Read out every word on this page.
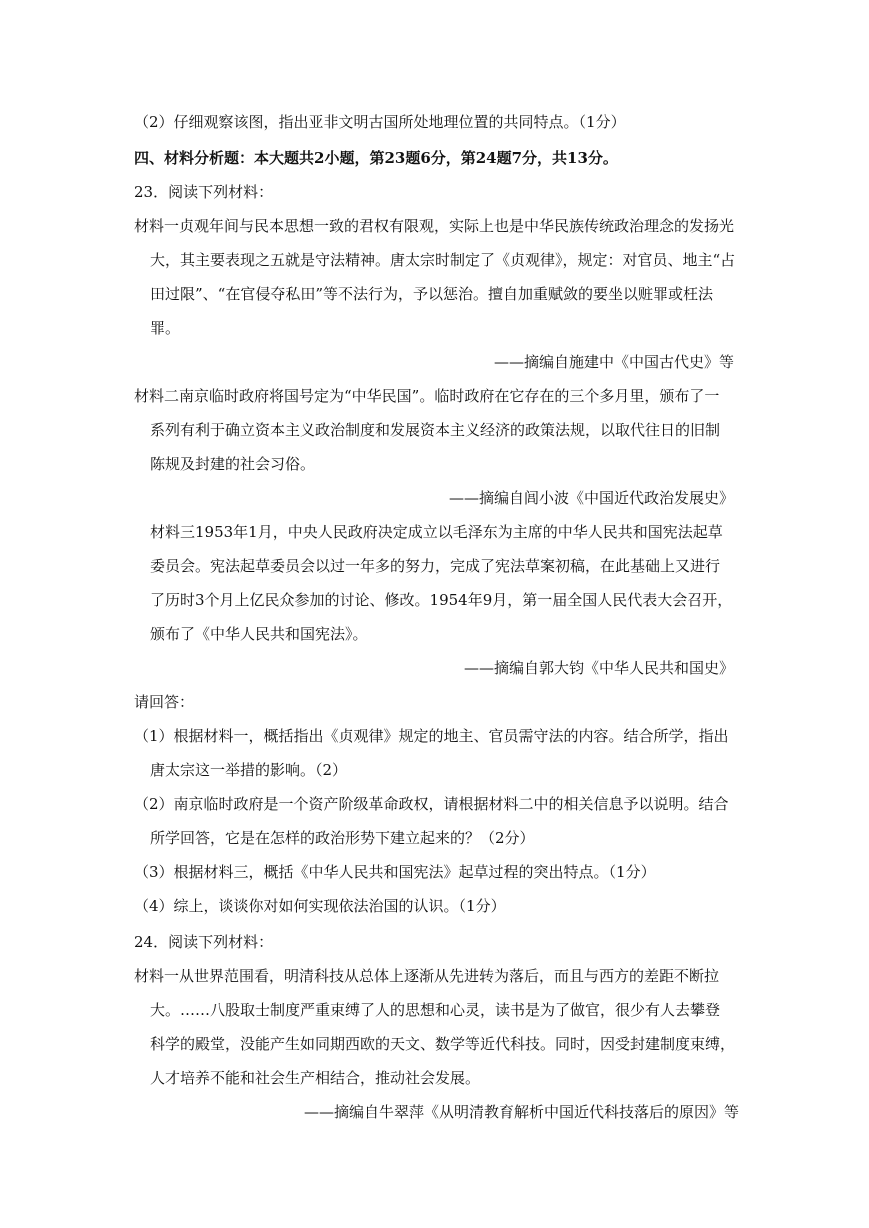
（2）仔细观察该图，指出亚非文明古国所处地理位置的共同特点。（1分）
四、材料分析题：本大题共2小题，第23题6分，第24题7分，共13分。
23．阅读下列材料：
材料一贞观年间与民本思想一致的君权有限观，实际上也是中华民族传统政治理念的发扬光
大，其主要表现之五就是守法精神。唐太宗时制定了《贞观律》，规定：对官员、地主“占
田过限”、“在官侵夺私田”等不法行为，予以惩治。擅自加重赋敛的要坐以赃罪或枉法
罪。
——摘编自施建中《中国古代史》等
材料二南京临时政府将国号定为“中华民国”。临时政府在它存在的三个多月里，颁布了一
系列有利于确立资本主义政治制度和发展资本主义经济的政策法规，以取代往日的旧制
陈规及封建的社会习俗。
——摘编自闾小波《中国近代政治发展史》
材料三1953年1月，中央人民政府决定成立以毛泽东为主席的中华人民共和国宪法起草
委员会。宪法起草委员会以过一年多的努力，完成了宪法草案初稿，在此基础上又进行
了历时3个月上亿民众参加的讨论、修改。1954年9月，第一届全国人民代表大会召开，
颁布了《中华人民共和国宪法》。
——摘编自郭大钧《中华人民共和国史》
请回答：
（1）根据材料一，概括指出《贞观律》规定的地主、官员需守法的内容。结合所学，指出
唐太宗这一举措的影响。（2）
（2）南京临时政府是一个资产阶级革命政权，请根据材料二中的相关信息予以说明。结合
所学回答，它是在怎样的政治形势下建立起来的？（2分）
（3）根据材料三，概括《中华人民共和国宪法》起草过程的突出特点。（1分）
（4）综上，谈谈你对如何实现依法治国的认识。（1分）
24．阅读下列材料：
材料一从世界范围看，明清科技从总体上逐渐从先进转为落后，而且与西方的差距不断拉
大。……八股取士制度严重束缚了人的思想和心灵，读书是为了做官，很少有人去攀登
科学的殿堂，没能产生如同期西欧的天文、数学等近代科技。同时，因受封建制度束缚，
人才培养不能和社会生产相结合，推动社会发展。
——摘编自牛翠萍《从明清教育解析中国近代科技落后的原因》等
